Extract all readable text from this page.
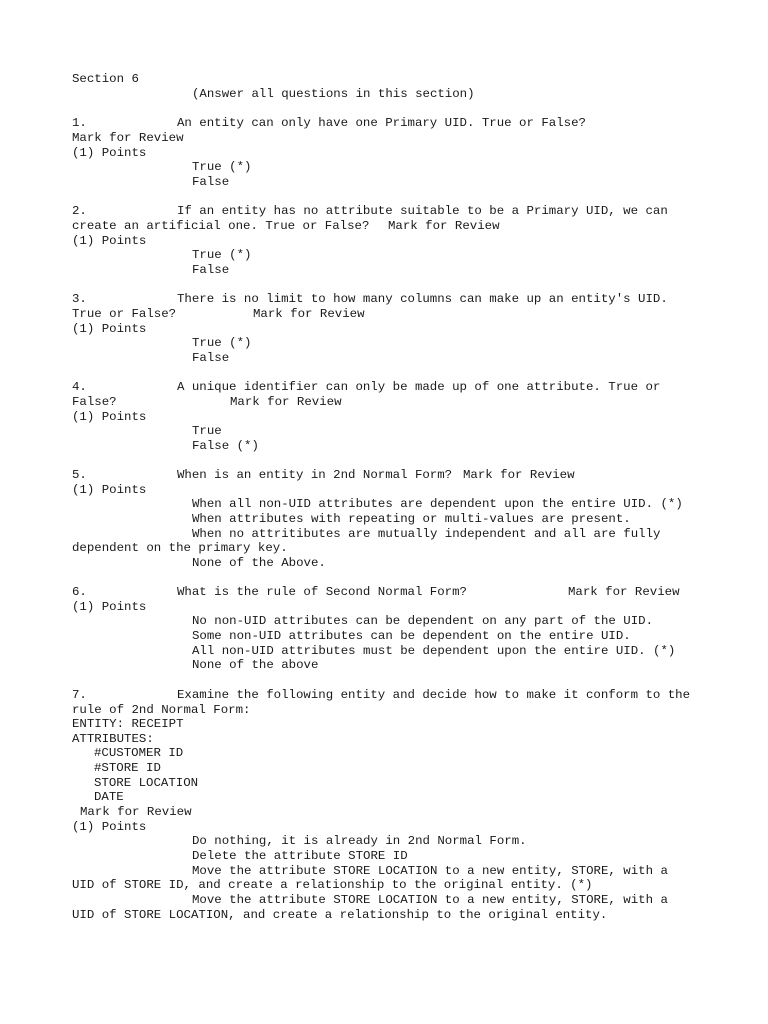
Section 6
(Answer all questions in this section)
1.	An entity can only have one Primary UID. True or False?
Mark for Review
(1) Points
True (*)
False
2.	If an entity has no attribute suitable to be a Primary UID, we can
create an artificial one. True or False? Mark for Review
(1) Points
True (*)
False
3.	There is no limit to how many columns can make up an entity's UID.
True or False?	Mark for Review
(1) Points
True (*)
False
4.	A unique identifier can only be made up of one attribute. True or
False?	Mark for Review
(1) Points
True
False (*)
5.	When is an entity in 2nd Normal Form? Mark for Review
(1) Points
When all non-UID attributes are dependent upon the entire UID. (*)
When attributes with repeating or multi-values are present.
When no attritibutes are mutually independent and all are fully
dependent on the primary key.
None of the Above.
6.	What is the rule of Second Normal Form?	Mark for Review
(1) Points
No non-UID attributes can be dependent on any part of the UID.
Some non-UID attributes can be dependent on the entire UID.
All non-UID attributes must be dependent upon the entire UID. (*)
None of the above
7.	Examine the following entity and decide how to make it conform to the
rule of 2nd Normal Form:
ENTITY: RECEIPT
ATTRIBUTES:
#CUSTOMER ID
#STORE ID
STORE LOCATION
DATE
Mark for Review
(1) Points
Do nothing, it is already in 2nd Normal Form.
Delete the attribute STORE ID
Move the attribute STORE LOCATION to a new entity, STORE, with a
UID of STORE ID, and create a relationship to the original entity. (*)
Move the attribute STORE LOCATION to a new entity, STORE, with a
UID of STORE LOCATION, and create a relationship to the original entity.
